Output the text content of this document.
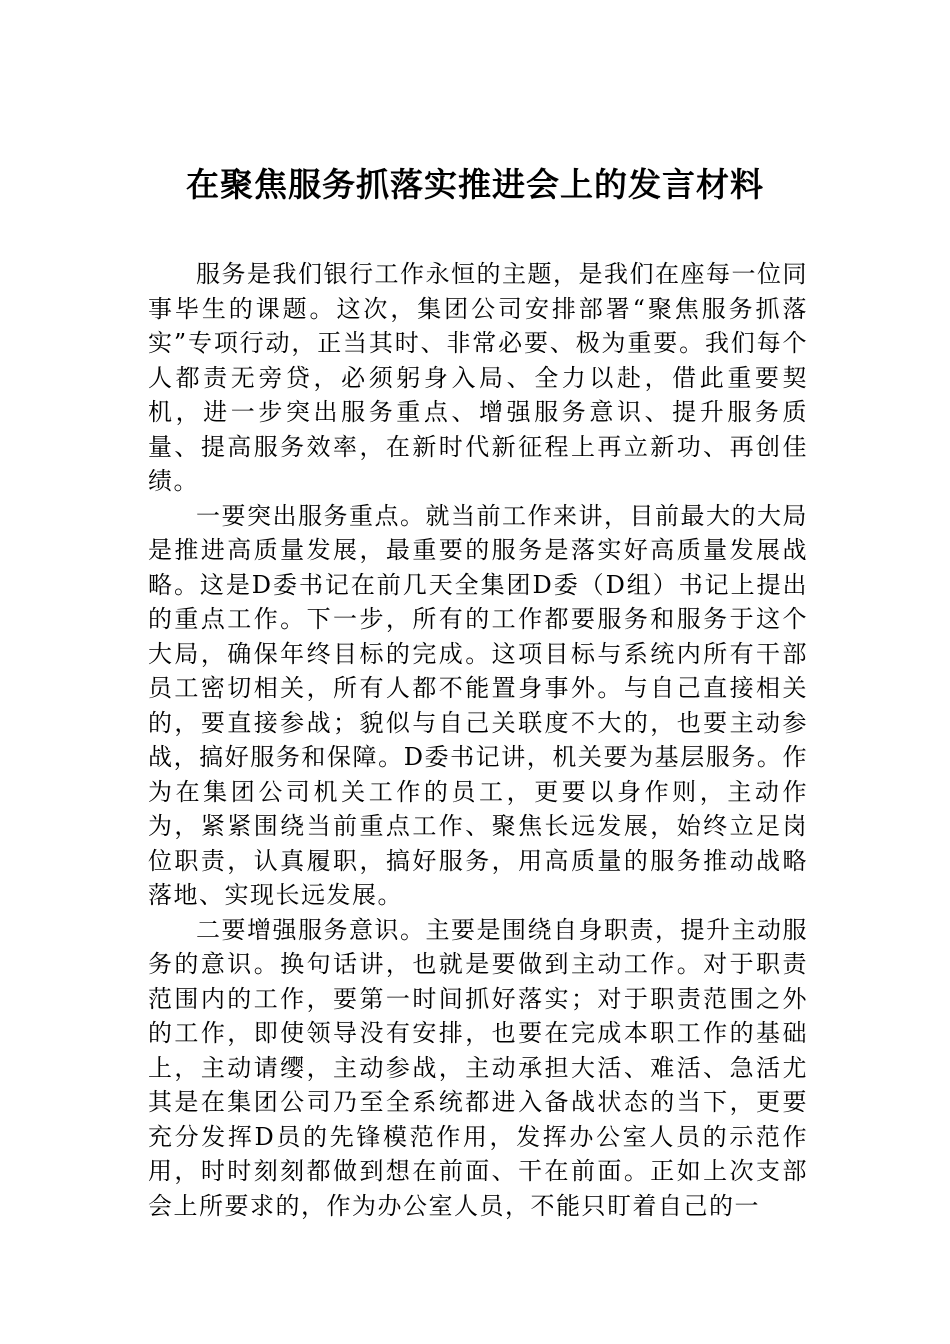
在聚焦服务抓落实推进会上的发言材料

服务是我们银行工作永恒的主题，是我们在座每一位同事毕生的课题。这次，集团公司安排部署“聚焦服务抓落实”专项行动，正当其时、非常必要、极为重要。我们每个人都责无旁贷，必须躬身入局、全力以赴，借此重要契机，进一步突出服务重点、增强服务意识、提升服务质量、提高服务效率，在新时代新征程上再立新功、再创佳绩。

一要突出服务重点。就当前工作来讲，目前最大的大局是推进高质量发展，最重要的服务是落实好高质量发展战略。这是D委书记在前几天全集团D委（D组）书记上提出的重点工作。下一步，所有的工作都要服务和服务于这个大局，确保年终目标的完成。这项目标与系统内所有干部员工密切相关，所有人都不能置身事外。与自己直接相关的，要直接参战；貌似与自己关联度不大的，也要主动参战，搞好服务和保障。D委书记讲，机关要为基层服务。作为在集团公司机关工作的员工，更要以身作则，主动作为，紧紧围绕当前重点工作、聚焦长远发展，始终立足岗位职责，认真履职，搞好服务，用高质量的服务推动战略落地、实现长远发展。

二要增强服务意识。主要是围绕自身职责，提升主动服务的意识。换句话讲，也就是要做到主动工作。对于职责范围内的工作，要第一时间抓好落实；对于职责范围之外的工作，即使领导没有安排，也要在完成本职工作的基础上，主动请缨，主动参战，主动承担大活、难活、急活尤其是在集团公司乃至全系统都进入备战状态的当下，更要充分发挥D员的先锋模范作用，发挥办公室人员的示范作用，时时刻刻都做到想在前面、干在前面。正如上次支部会上所要求的，作为办公室人员，不能只盯着自己的一
